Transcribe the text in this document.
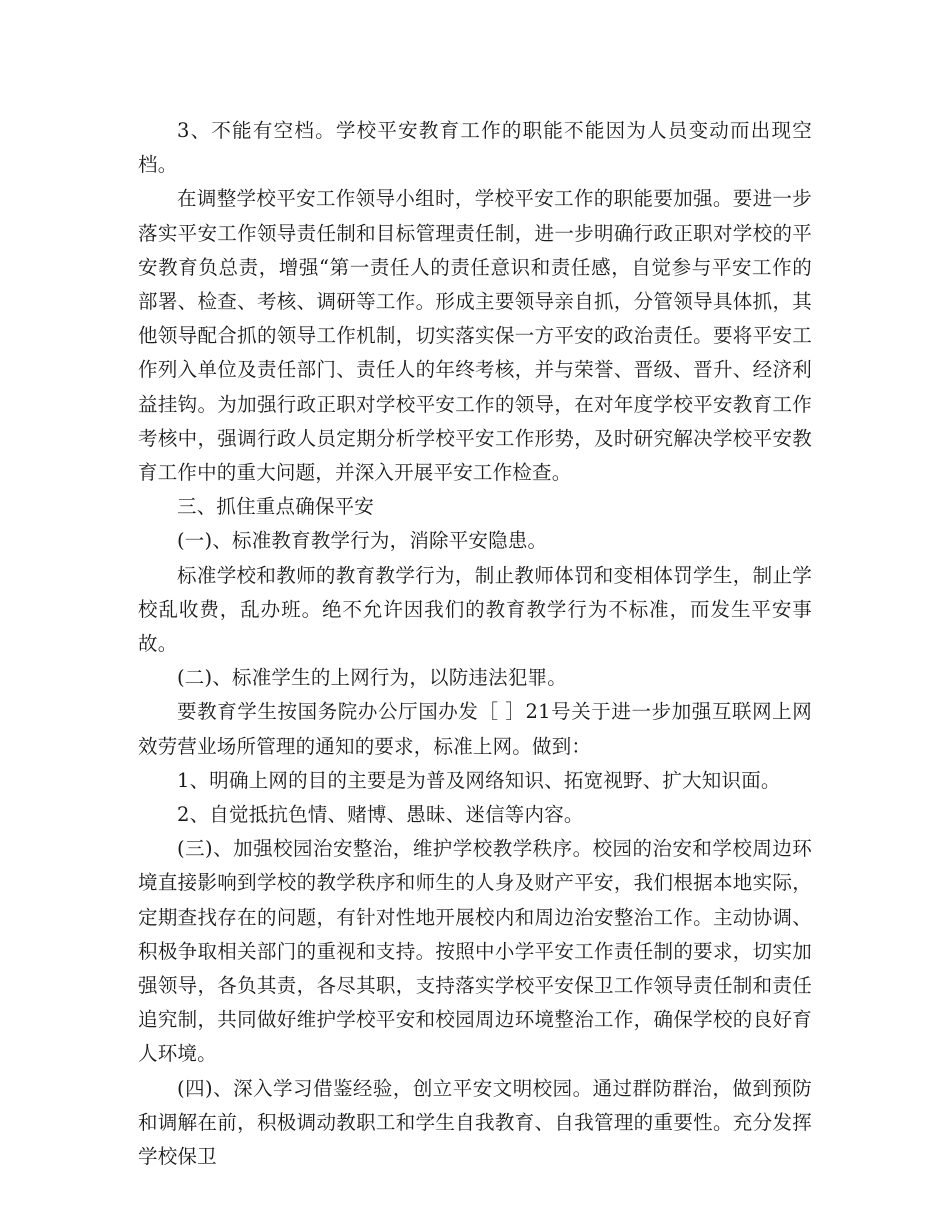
3、不能有空档。学校平安教育工作的职能不能因为人员变动而出现空档。

在调整学校平安工作领导小组时，学校平安工作的职能要加强。要进一步落实平安工作领导责任制和目标管理责任制，进一步明确行政正职对学校的平安教育负总责，增强“第一责任人的责任意识和责任感，自觉参与平安工作的部署、检查、考核、调研等工作。形成主要领导亲自抓，分管领导具体抓，其他领导配合抓的领导工作机制，切实落实保一方平安的政治责任。要将平安工作列入单位及责任部门、责任人的年终考核，并与荣誉、晋级、晋升、经济利益挂钩。为加强行政正职对学校平安工作的领导，在对年度学校平安教育工作考核中，强调行政人员定期分析学校平安工作形势，及时研究解决学校平安教育工作中的重大问题，并深入开展平安工作检查。

三、抓住重点确保平安

(一)、标准教育教学行为，消除平安隐患。

标准学校和教师的教育教学行为，制止教师体罚和变相体罚学生，制止学校乱收费，乱办班。绝不允许因我们的教育教学行为不标准，而发生平安事故。

(二)、标准学生的上网行为，以防违法犯罪。

要教育学生按国务院办公厅国办发［ ］21号关于进一步加强互联网上网效劳营业场所管理的通知的要求，标准上网。做到：

1、明确上网的目的主要是为普及网络知识、拓宽视野、扩大知识面。

2、自觉抵抗色情、赌博、愚昧、迷信等内容。

(三)、加强校园治安整治，维护学校教学秩序。校园的治安和学校周边环境直接影响到学校的教学秩序和师生的人身及财产平安，我们根据本地实际，定期查找存在的问题，有针对性地开展校内和周边治安整治工作。主动协调、积极争取相关部门的重视和支持。按照中小学平安工作责任制的要求，切实加强领导，各负其责，各尽其职，支持落实学校平安保卫工作领导责任制和责任追究制，共同做好维护学校平安和校园周边环境整治工作，确保学校的良好育人环境。

(四)、深入学习借鉴经验，创立平安文明校园。通过群防群治，做到预防和调解在前，积极调动教职工和学生自我教育、自我管理的重要性。充分发挥学校保卫
